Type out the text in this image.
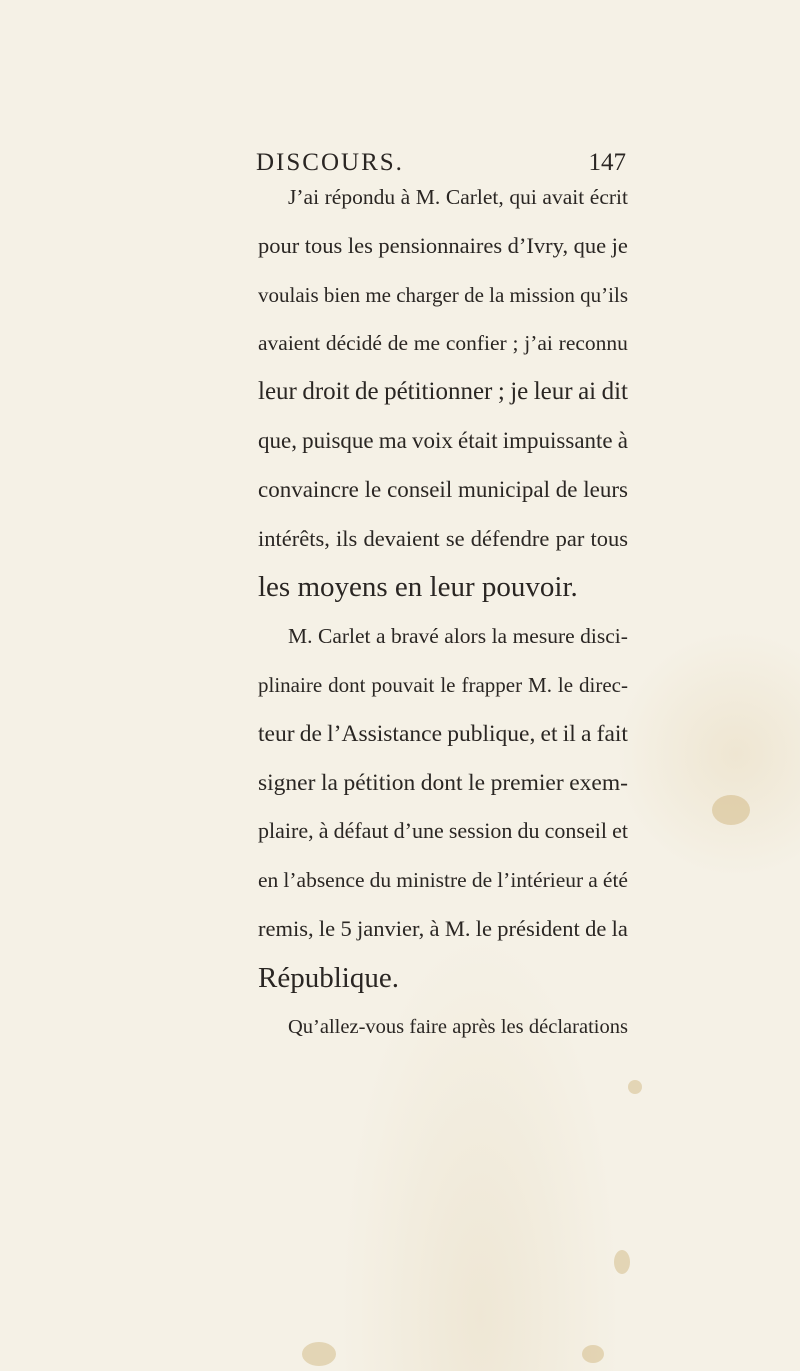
DISCOURS.	147
J’ai répondu à M. Carlet, qui avait écrit
pour tous les pensionnaires d’Ivry, que je
voulais bien me charger de la mission qu’ils
avaient décidé de me confier ; j’ai reconnu
leur droit de pétitionner ; je leur ai dit
que, puisque ma voix était impuissante à
convaincre le conseil municipal de leurs
intérêts, ils devaient se défendre par tous
les moyens en leur pouvoir.
M. Carlet a bravé alors la mesure disci-
plinaire dont pouvait le frapper M. le direc-
teur de l’Assistance publique, et il a fait
signer la pétition dont le premier exem-
plaire, à défaut d’une session du conseil et
en l’absence du ministre de l’intérieur a été
remis, le 5 janvier, à M. le président de la
République.
Qu’allez-vous faire après les déclarations
